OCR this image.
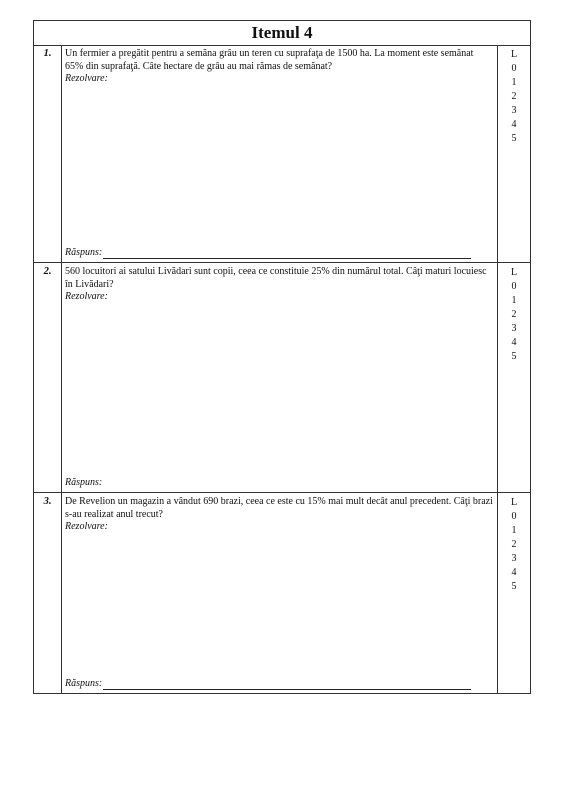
Itemul 4
1.	Un fermier a pregătit pentru a semăna grâu un teren cu suprafaţa de 1500 ha. La moment este semănat 65% din suprafaţă. Câte hectare de grâu au mai rămas de semănat?

Rezolvare:
Răspuns:
L
0
1
2
3
4
5
2.	560 locuitori ai satului Livădari sunt copii, ceea ce constituie 25% din numărul total. Câţi maturi locuiesc în Livădari?

Rezolvare:
Răspuns:
L
0
1
2
3
4
5
3.	De Revelion un magazin a vândut 690 brazi, ceea ce este cu 15% mai mult decât anul precedent. Câţi brazi s-au realizat anul trecut?

Rezolvare:
Răspuns:
L
0
1
2
3
4
5
